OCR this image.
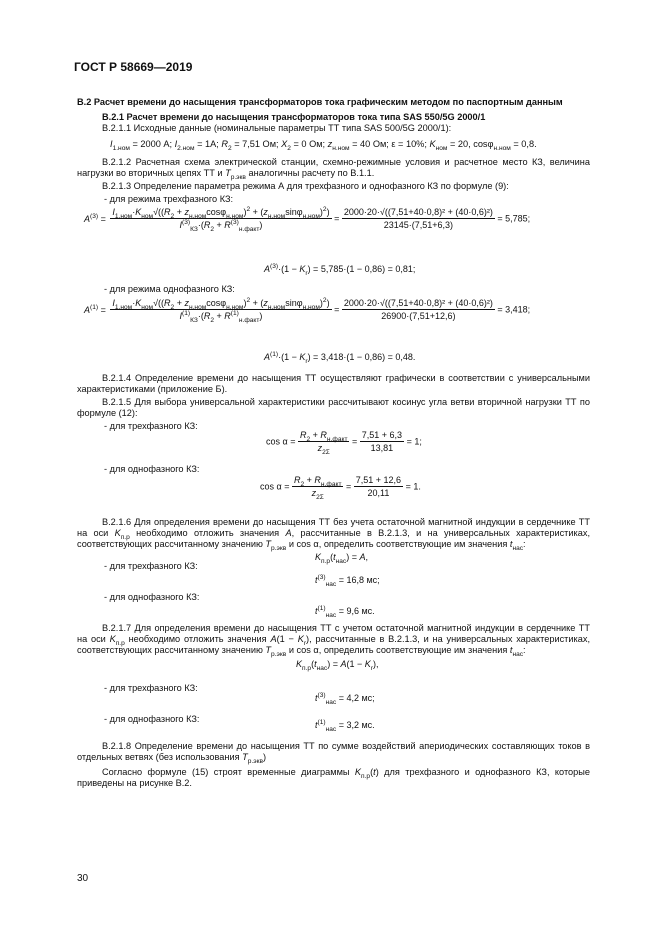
ГОСТ Р 58669—2019
В.2 Расчет времени до насыщения трансформаторов тока графическим методом по паспортным данным
В.2.1 Расчет времени до насыщения трансформаторов тока типа SAS 550/5G 2000/1
В.2.1.1 Исходные данные (номинальные параметры ТТ типа SAS 500/5G 2000/1):
$I_{1.ном} = 2000$ А; $I_{2.ном} = 1А$; $R_2 = 7,51$ Ом; $X_2 = 0$ Ом; $z_{н.ном} = 40$ Ом; ε = 10%; $K_{ном} = 20$, cosφ$_{н.ном}$ = 0,8.
В.2.1.2 Расчетная схема электрической станции, схемно-режимные условия и расчетное место КЗ, величина нагрузки во вторичных цепях ТТ и $Т_{р.экв}$ аналогичны расчету по В.1.1.
В.2.1.3 Определение параметра режима А для трехфазного и однофазного КЗ по формуле (9):
- для режима трехфазного КЗ:
$A^{(3)} = \frac{I_{1.ном}\cdot K_{ном}√((R_2 + z_{н.ном}\cos\varphi_{н.ном})^2 + (z_{н.ном}\sin\varphi_{н.ном})^2)}{I^{(3)}_{КЗ}\cdot(R_2 + R^{(3)}_{н.факт})} = \frac{\text{2000·20·√((7,51+40·0,8)² + (40·0,6)²)}}{23145\cdot(7,51+6,3)} = 5,785$;
$A^{(3)}\cdot(1 - K_r) = 5,785\cdot(1 - 0,86) = 0,81$;
- для режима однофазного КЗ:
$A^{(1)} = \frac{I_{1.ном}\cdot K_{ном}√((R_2 + z_{н.ном}\cos\varphi_{н.ном})^2 + (z_{н.ном}\sin\varphi_{н.ном})^2)}{I^{(1)}_{КЗ}\cdot(R_2 + R^{(1)}_{н.факт})} = \frac{\text{2000·20·√((7,51+40·0,8)² + (40·0,6)²)}}{26900\cdot(7,51+12,6)} = 3,418$;
$A^{(1)}\cdot(1 - K_r) = 3,418\cdot(1 - 0,86) = 0,48$.
В.2.1.4 Определение времени до насыщения ТТ осуществляют графически в соответствии с универсальными характеристиками (приложение Б).
В.2.1.5 Для выбора универсальной характеристики рассчитывают косинус угла ветви вторичной нагрузки ТТ по формуле (12):
- для трехфазного КЗ:
$\cos \alpha = \frac{R_2 + R_{н.факт}}{z_{2\Sigma}} = \frac{7,51 + 6,3}{13,81} = 1$;
- для однофазного КЗ:
$\cos \alpha = \frac{R_2 + R_{н.факт}}{z_{2\Sigma}} = \frac{7,51 + 12,6}{20,11} = 1$.
В.2.1.6 Для определения времени до насыщения ТТ без учета остаточной магнитной индукции в сердечнике ТТ на оси $K_{п.р}$ необходимо отложить значения А, рассчитанные в В.2.1.3, и на универсальных характеристиках, соответствующих рассчитанному значению $Т_{р.экв}$ и cos α, определить соответствующие им значения $t_{нас}$:
$K_{п.р}(t_{нас}) = A$,
- для трехфазного КЗ:
$t^{(3)}_{нас} = 16,8$ мс;
- для однофазного КЗ:
$t^{(1)}_{нас} = 9,6$ мс.
В.2.1.7 Для определения времени до насыщения ТТ с учетом остаточной магнитной индукции в сердечнике ТТ на оси $K_{п.р}$ необходимо отложить значения $A(1 - K_r)$, рассчитанные в В.2.1.3, и на универсальных характеристиках, соответствующих рассчитанному значению $Т_{р.экв}$ и cos α, определить соответствующие им значения $t_{нас}$:
$K_{п.р}(t_{нас}) = A(1 - K_r)$,
- для трехфазного КЗ:
$t^{(3)}_{нас} = 4,2$ мс;
- для однофазного КЗ:
$t^{(1)}_{нас} = 3,2$ мс.
В.2.1.8 Определение времени до насыщения ТТ по сумме воздействий апериодических составляющих токов в отдельных ветвях (без использования $Т_{р.экв}$)
Согласно формуле (15) строят временные диаграммы $K_{п.р}(t)$ для трехфазного и однофазного КЗ, которые приведены на рисунке В.2.
30
